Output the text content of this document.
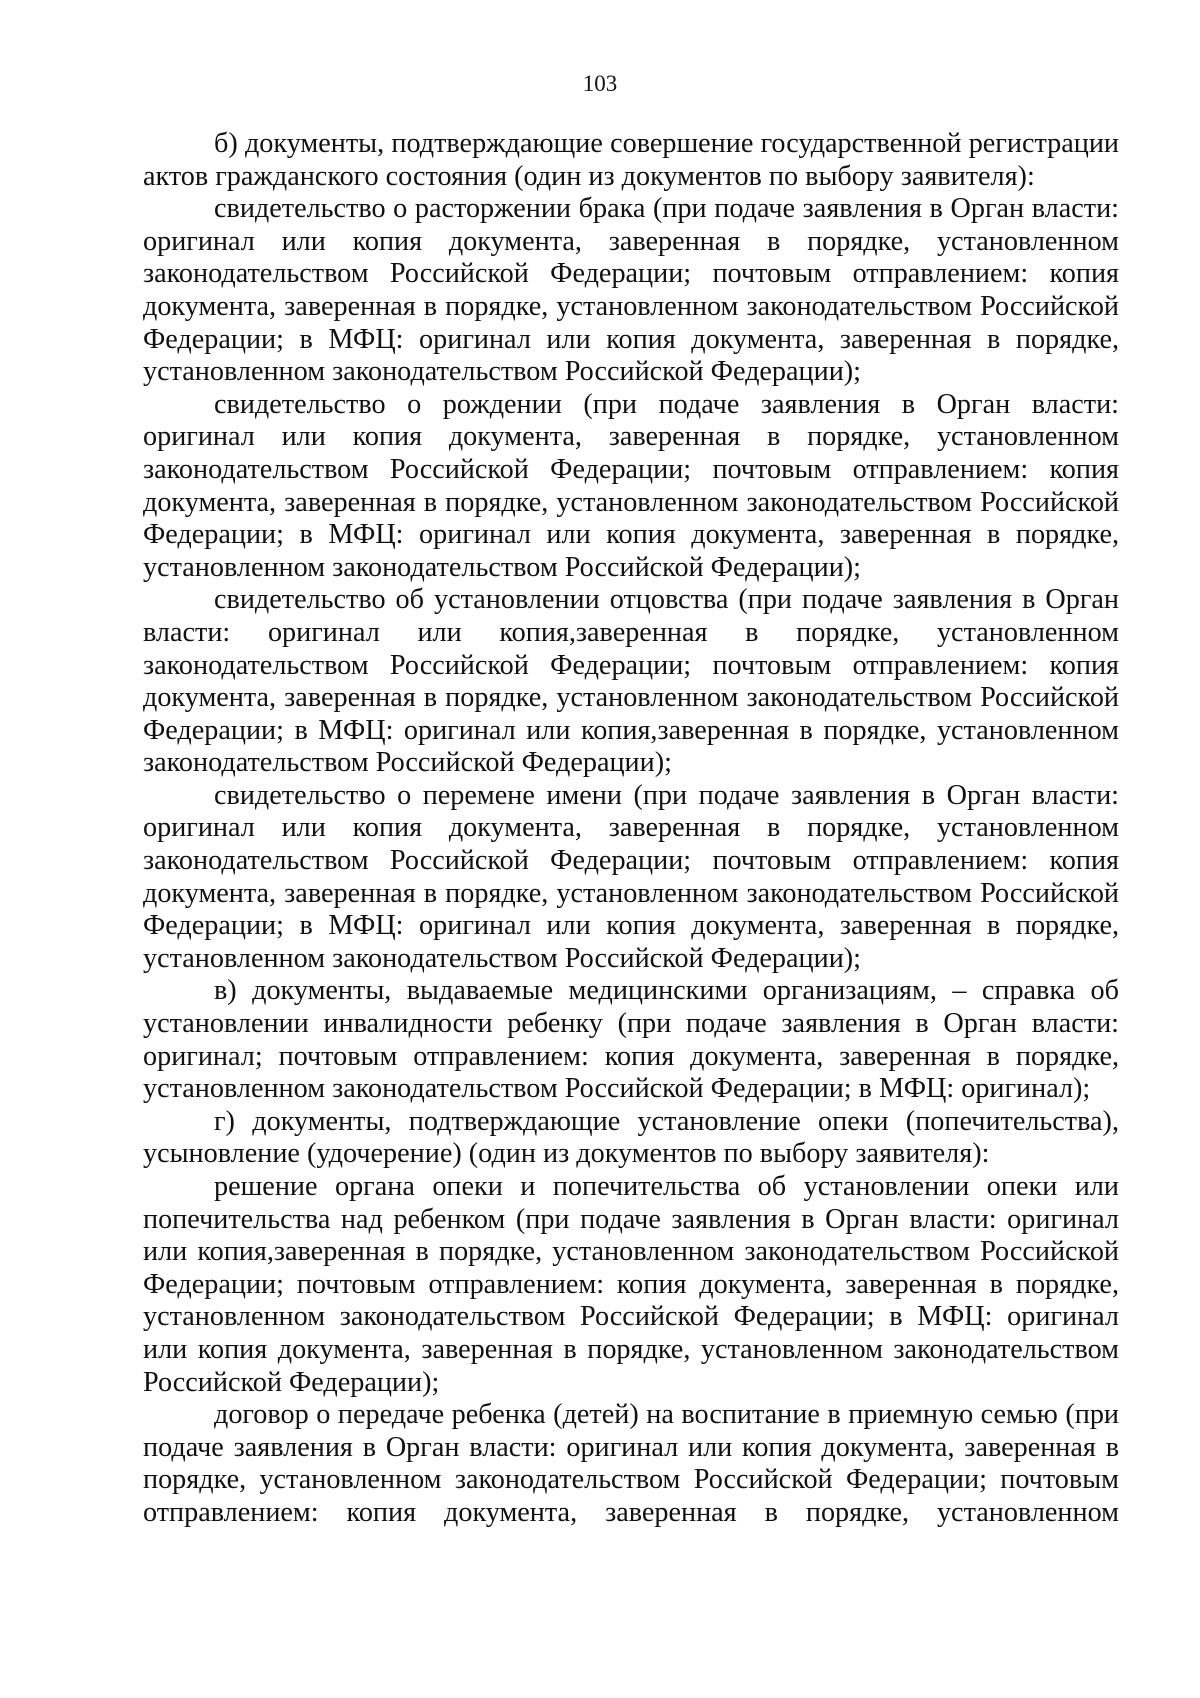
103

б) документы, подтверждающие совершение государственной регистрации актов гражданского состояния (один из документов по выбору заявителя):

свидетельство о расторжении брака (при подаче заявления в Орган власти: оригинал или копия документа, заверенная в порядке, установленном законодательством Российской Федерации; почтовым отправлением: копия документа, заверенная в порядке, установленном законодательством Российской Федерации; в МФЦ: оригинал или копия документа, заверенная в порядке, установленном законодательством Российской Федерации);

свидетельство о рождении (при подаче заявления в Орган власти: оригинал или копия документа, заверенная в порядке, установленном законодательством Российской Федерации; почтовым отправлением: копия документа, заверенная в порядке, установленном законодательством Российской Федерации; в МФЦ: оригинал или копия документа, заверенная в порядке, установленном законодательством Российской Федерации);

свидетельство об установлении отцовства (при подаче заявления в Орган власти: оригинал или копия,заверенная в порядке, установленном законодательством Российской Федерации; почтовым отправлением: копия документа, заверенная в порядке, установленном законодательством Российской Федерации; в МФЦ: оригинал или копия,заверенная в порядке, установленном законодательством Российской Федерации);

свидетельство о перемене имени (при подаче заявления в Орган власти: оригинал или копия документа, заверенная в порядке, установленном законодательством Российской Федерации; почтовым отправлением: копия документа, заверенная в порядке, установленном законодательством Российской Федерации; в МФЦ: оригинал или копия документа, заверенная в порядке, установленном законодательством Российской Федерации);

в) документы, выдаваемые медицинскими организациям, – справка об установлении инвалидности ребенку (при подаче заявления в Орган власти: оригинал; почтовым отправлением: копия документа, заверенная в порядке, установленном законодательством Российской Федерации; в МФЦ: оригинал);

г) документы, подтверждающие установление опеки (попечительства), усыновление (удочерение) (один из документов по выбору заявителя):

решение органа опеки и попечительства об установлении опеки или попечительства над ребенком (при подаче заявления в Орган власти: оригинал или копия,заверенная в порядке, установленном законодательством Российской Федерации; почтовым отправлением: копия документа, заверенная в порядке, установленном законодательством Российской Федерации; в МФЦ: оригинал или копия документа, заверенная в порядке, установленном законодательством Российской Федерации);

договор о передаче ребенка (детей) на воспитание в приемную семью (при подаче заявления в Орган власти: оригинал или копия документа, заверенная в порядке, установленном законодательством Российской Федерации; почтовым отправлением: копия документа, заверенная в порядке, установленном
